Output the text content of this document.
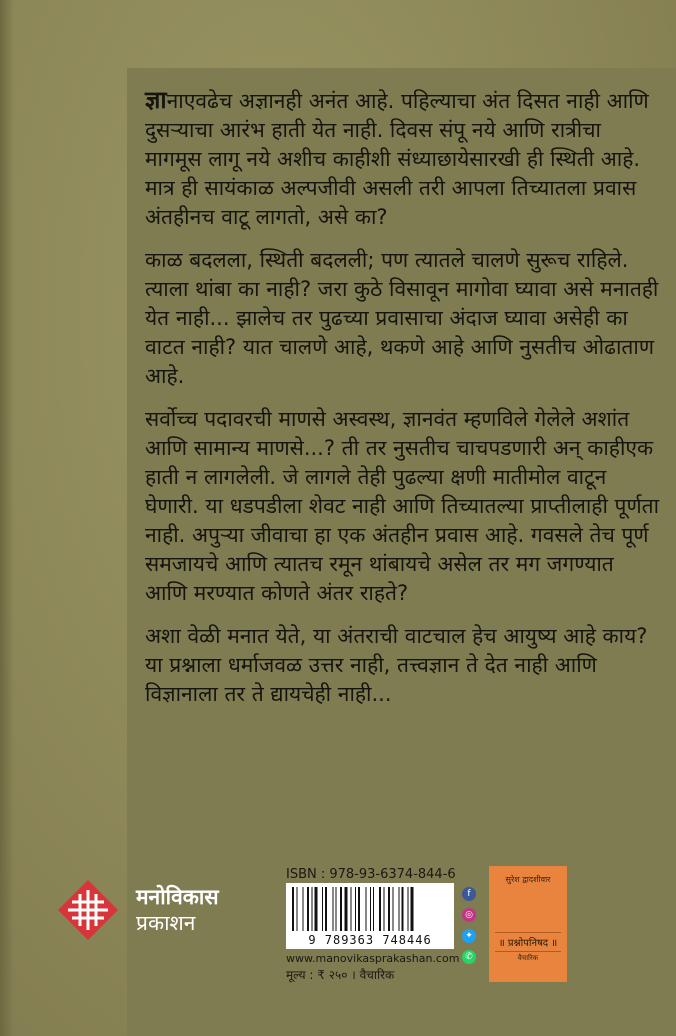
ज्ञानाएवढेच अज्ञानही अनंत आहे. पहिल्याचा अंत दिसत नाही आणि दुसऱ्याचा आरंभ हाती येत नाही. दिवस संपू नये आणि रात्रीचा मागमूस लागू नये अशीच काहीशी संध्याछायेसारखी ही स्थिती आहे. मात्र ही सायंकाळ अल्पजीवी असली तरी आपला तिच्यातला प्रवास अंतहीनच वाटू लागतो, असे का?

काळ बदलला, स्थिती बदलली; पण त्यातले चालणे सुरूच राहिले. त्याला थांबा का नाही? जरा कुठे विसावून मागोवा घ्यावा असे मनातही येत नाही... झालेच तर पुढच्या प्रवासाचा अंदाज घ्यावा असेही का वाटत नाही? यात चालणे आहे, थकणे आहे आणि नुसतीच ओढाताण आहे.

सर्वोच्च पदावरची माणसे अस्वस्थ, ज्ञानवंत म्हणविले गेलेले अशांत आणि सामान्य माणसे...? ती तर नुसतीच चाचपडणारी अन् काहीएक हाती न लागलेली. जे लागले तेही पुढल्या क्षणी मातीमोल वाटून घेणारी. या धडपडीला शेवट नाही आणि तिच्यातल्या प्राप्तीलाही पूर्णता नाही. अपुऱ्या जीवाचा हा एक अंतहीन प्रवास आहे. गवसले तेच पूर्ण समजायचे आणि त्यातच रमून थांबायचे असेल तर मग जगण्यात आणि मरण्यात कोणते अंतर राहते?

अशा वेळी मनात येते, या अंतराची वाटचाल हेच आयुष्य आहे काय? या प्रश्नाला धर्माजवळ उत्तर नाही, तत्त्वज्ञान ते देत नाही आणि विज्ञानाला तर ते द्यायचेही नाही...

मनोविकास
प्रकाशन
ISBN : 978-93-6374-844-6
9 789363 748446
www.manovikasprakashan.com
मूल्य : ₹ २५० । वैचारिक
f
◎
✦
✆
सुरेश द्वादशीवार
॥ प्रश्नोपनिषद ॥
वैचारिक
